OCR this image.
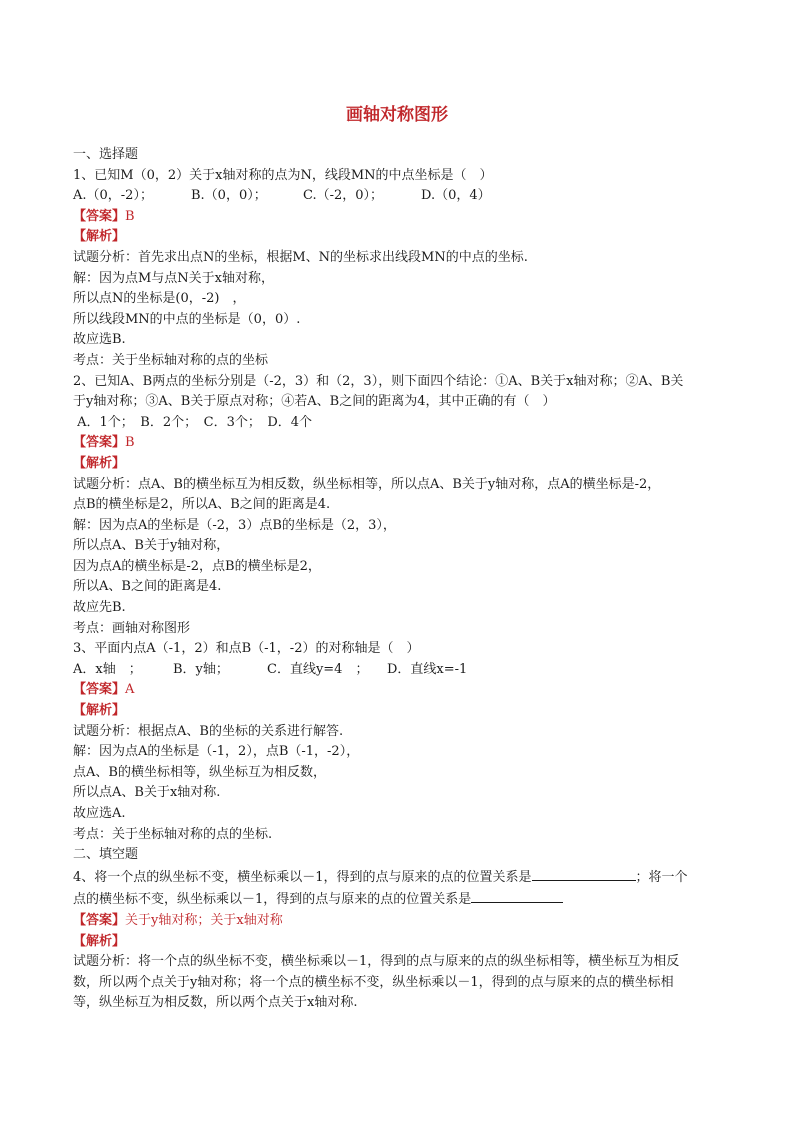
画轴对称图形
一、选择题
1、已知M（0，2）关于x轴对称的点为N，线段MN的中点坐标是（　）
A.（0，-2）；	B.（0，0）；	C.（-2，0）；	D.（0，4）
【答案】B
【解析】
试题分析：首先求出点N的坐标，根据M、N的坐标求出线段MN的中点的坐标.
解：因为点M与点N关于x轴对称，
所以点N的坐标是(0，-2)　，
所以线段MN的中点的坐标是（0，0）.
故应选B.
考点：关于坐标轴对称的点的坐标
2、已知A、B两点的坐标分别是（-2，3）和（2，3），则下面四个结论：①A、B关于x轴对称；②A、B关
于y轴对称；③A、B关于原点对称；④若A、B之间的距离为4，其中正确的有（　）
A．1个；　B．2个；　C．3个；　D．4个
【答案】B
【解析】
试题分析：点A、B的横坐标互为相反数，纵坐标相等，所以点A、B关于y轴对称，点A的横坐标是-2，
点B的横坐标是2，所以A、B之间的距离是4.
解：因为点A的坐标是（-2，3）点B的坐标是（2，3），
所以点A、B关于y轴对称，
因为点A的横坐标是-2，点B的横坐标是2，
所以A、B之间的距离是4.
故应先B.
考点：画轴对称图形
3、平面内点A（-1，2）和点B（-1，-2）的对称轴是（　）
A．x轴　；	B．y轴；	C．直线y=4　；	D．直线x=-1
【答案】A
【解析】
试题分析：根据点A、B的坐标的关系进行解答.
解：因为点A的坐标是（-1，2），点B（-1，-2），
点A、B的横坐标相等，纵坐标互为相反数，
所以点A、B关于x轴对称.
故应选A.
考点：关于坐标轴对称的点的坐标.
二、填空题
4、将一个点的纵坐标不变，横坐标乘以－1，得到的点与原来的点的位置关系是	；将一个
点的横坐标不变，纵坐标乘以－1，得到的点与原来的点的位置关系是
【答案】关于y轴对称；关于x轴对称
【解析】
试题分析：将一个点的纵坐标不变，横坐标乘以－1，得到的点与原来的点的纵坐标相等，横坐标互为相反
数，所以两个点关于y轴对称；将一个点的横坐标不变，纵坐标乘以－1，得到的点与原来的点的横坐标相
等，纵坐标互为相反数，所以两个点关于x轴对称.
